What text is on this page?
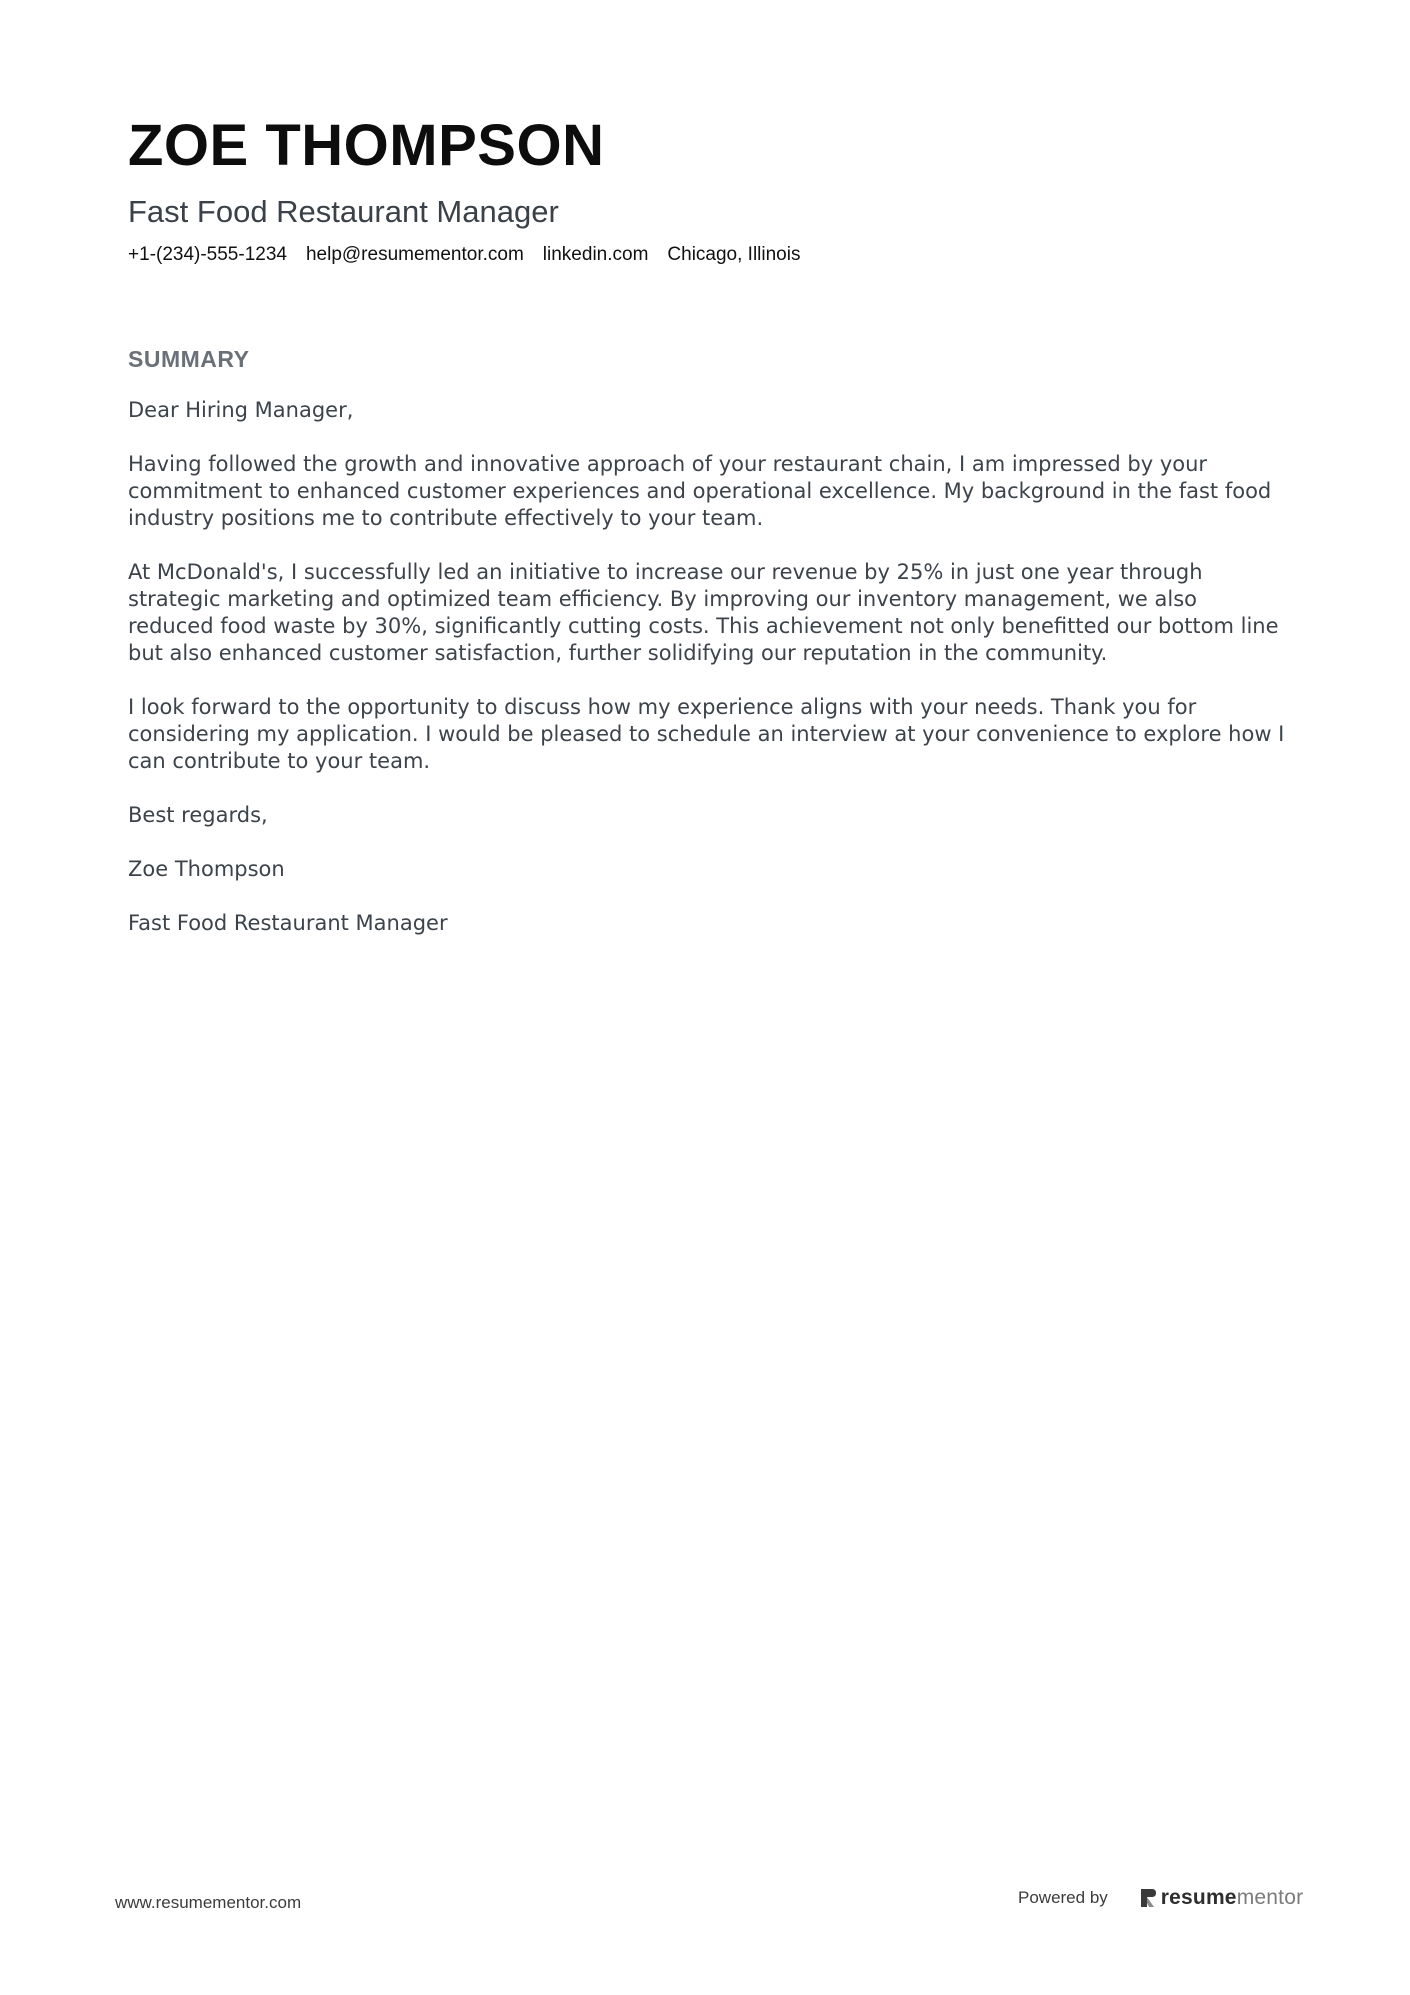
ZOE THOMPSON
Fast Food Restaurant Manager
+1-(234)-555-1234 help@resumementor.com linkedin.com Chicago, Illinois
SUMMARY

Dear Hiring Manager,

Having followed the growth and innovative approach of your restaurant chain, I am impressed by your commitment to enhanced customer experiences and operational excellence. My background in the fast food industry positions me to contribute effectively to your team.

At McDonald's, I successfully led an initiative to increase our revenue by 25% in just one year through strategic marketing and optimized team efficiency. By improving our inventory management, we also reduced food waste by 30%, significantly cutting costs. This achievement not only benefitted our bottom line but also enhanced customer satisfaction, further solidifying our reputation in the community.

I look forward to the opportunity to discuss how my experience aligns with your needs. Thank you for considering my application. I would be pleased to schedule an interview at your convenience to explore how I can contribute to your team.

Best regards,

Zoe Thompson

Fast Food Restaurant Manager

www.resumementor.com	Powered by	resumementor
